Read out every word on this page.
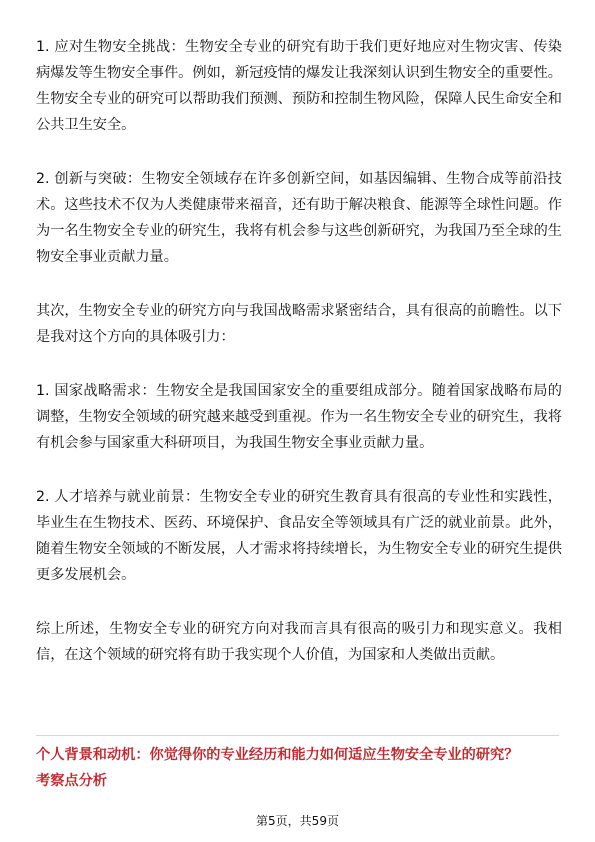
1. 应对生物安全挑战：生物安全专业的研究有助于我们更好地应对生物灾害、传染病爆发等生物安全事件。例如，新冠疫情的爆发让我深刻认识到生物安全的重要性。生物安全专业的研究可以帮助我们预测、预防和控制生物风险，保障人民生命安全和公共卫生安全。

2. 创新与突破：生物安全领域存在许多创新空间，如基因编辑、生物合成等前沿技术。这些技术不仅为人类健康带来福音，还有助于解决粮食、能源等全球性问题。作为一名生物安全专业的研究生，我将有机会参与这些创新研究，为我国乃至全球的生物安全事业贡献力量。

其次，生物安全专业的研究方向与我国战略需求紧密结合，具有很高的前瞻性。以下是我对这个方向的具体吸引力：

1. 国家战略需求：生物安全是我国国家安全的重要组成部分。随着国家战略布局的调整，生物安全领域的研究越来越受到重视。作为一名生物安全专业的研究生，我将有机会参与国家重大科研项目，为我国生物安全事业贡献力量。

2. 人才培养与就业前景：生物安全专业的研究生教育具有很高的专业性和实践性，毕业生在生物技术、医药、环境保护、食品安全等领域具有广泛的就业前景。此外，随着生物安全领域的不断发展，人才需求将持续增长，为生物安全专业的研究生提供更多发展机会。

综上所述，生物安全专业的研究方向对我而言具有很高的吸引力和现实意义。我相信，在这个领域的研究将有助于我实现个人价值，为国家和人类做出贡献。

个人背景和动机：你觉得你的专业经历和能力如何适应生物安全专业的研究？

考察点分析

第5页，共59页
